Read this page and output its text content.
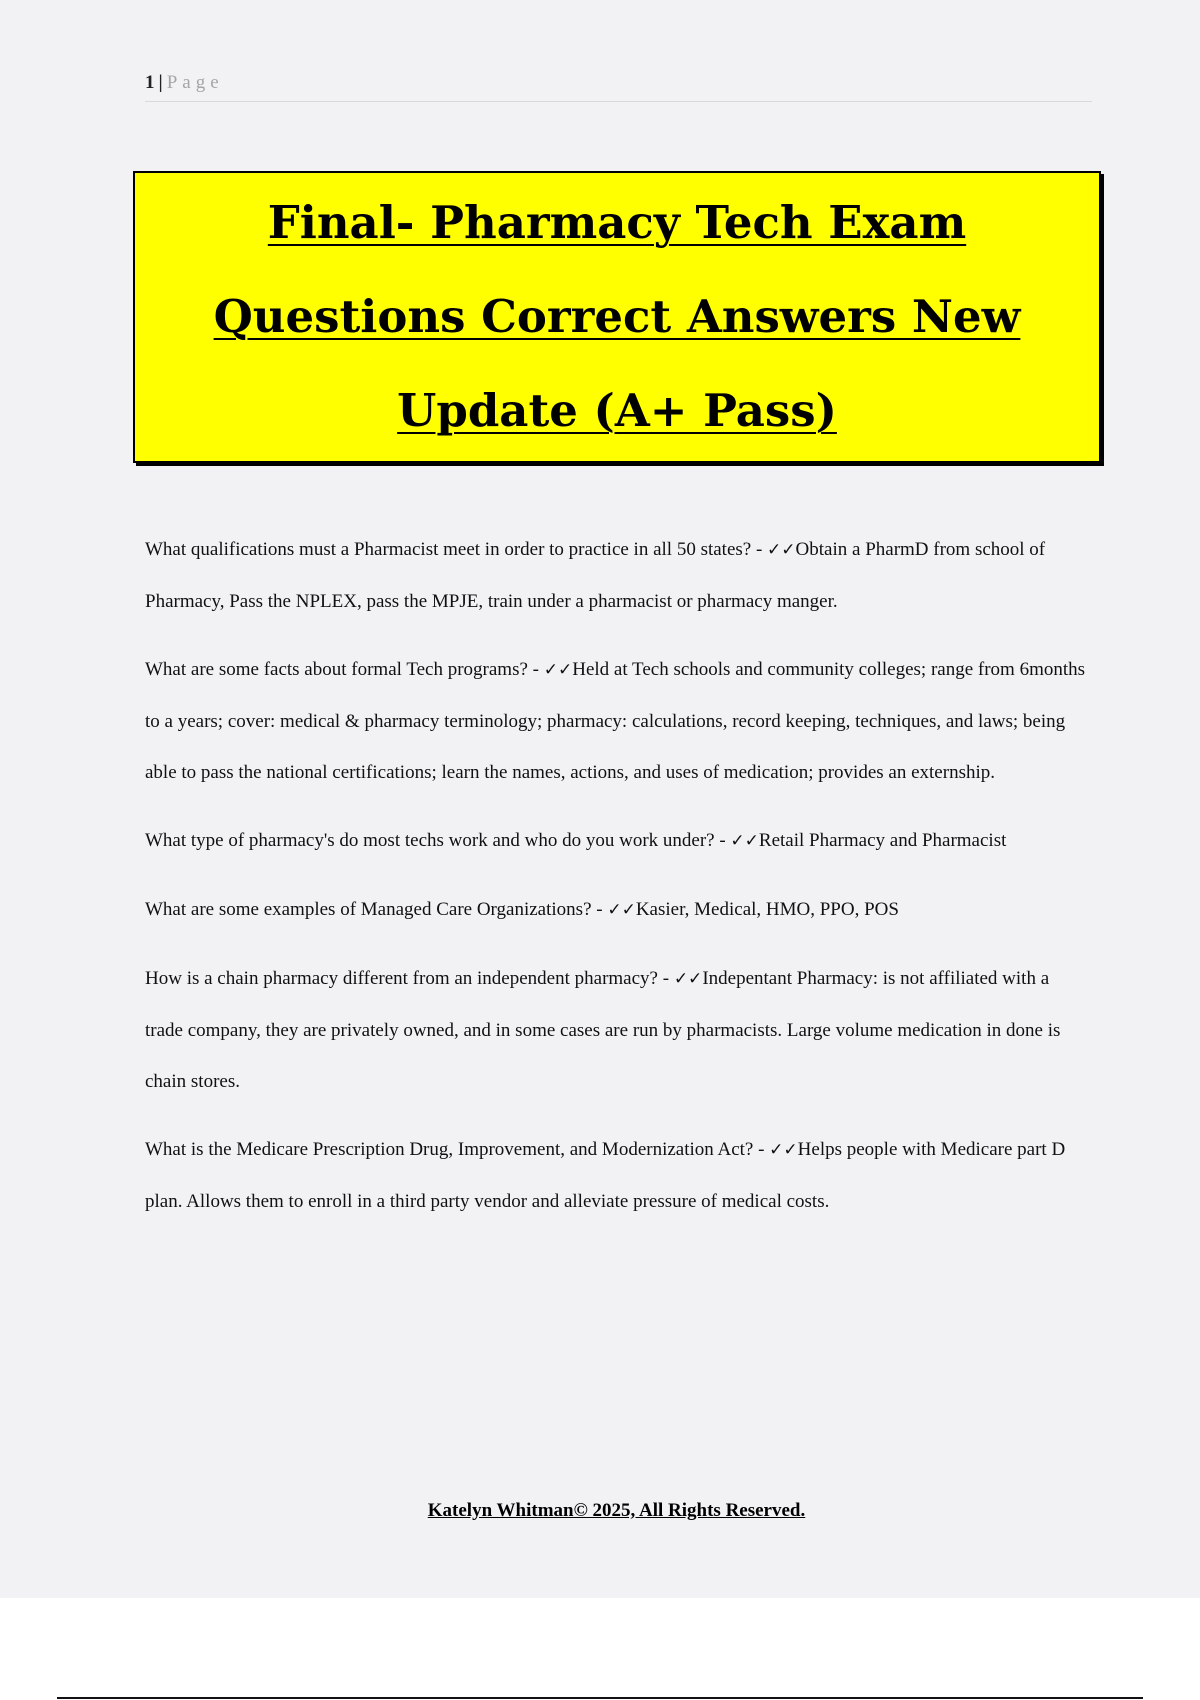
1 | Page
Final- Pharmacy Tech Exam Questions Correct Answers New Update (A+ Pass)

What qualifications must a Pharmacist meet in order to practice in all 50 states? - ✓✓Obtain a PharmD from school of Pharmacy, Pass the NPLEX, pass the MPJE, train under a pharmacist or pharmacy manger.

What are some facts about formal Tech programs? - ✓✓Held at Tech schools and community colleges; range from 6months to a years; cover: medical & pharmacy terminology; pharmacy: calculations, record keeping, techniques, and laws; being able to pass the national certifications; learn the names, actions, and uses of medication; provides an externship.

What type of pharmacy's do most techs work and who do you work under? - ✓✓Retail Pharmacy and Pharmacist

What are some examples of Managed Care Organizations? - ✓✓Kasier, Medical, HMO, PPO, POS

How is a chain pharmacy different from an independent pharmacy? - ✓✓Indepentant Pharmacy: is not affiliated with a trade company, they are privately owned, and in some cases are run by pharmacists. Large volume medication in done is chain stores.

What is the Medicare Prescription Drug, Improvement, and Modernization Act? - ✓✓Helps people with Medicare part D plan. Allows them to enroll in a third party vendor and alleviate pressure of medical costs.

Katelyn Whitman© 2025, All Rights Reserved.
